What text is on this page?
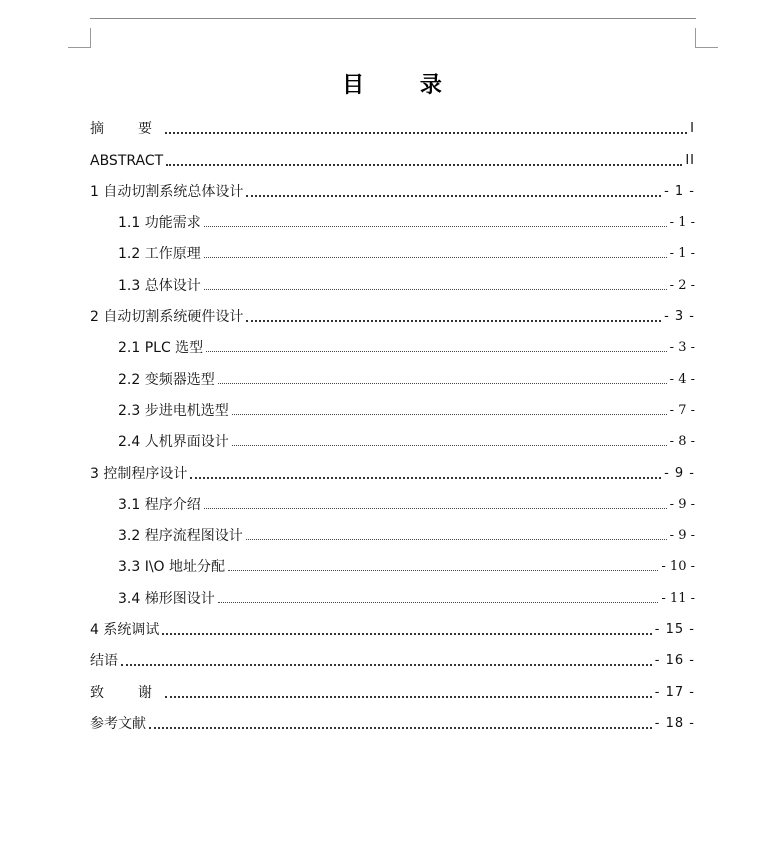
目 录
摘　要	I
ABSTRACT	II
1 自动切割系统总体设计	- 1 -
1.1 功能需求	- 1 -
1.2 工作原理	- 1 -
1.3 总体设计	- 2 -
2 自动切割系统硬件设计	- 3 -
2.1 PLC 选型	- 3 -
2.2 变频器选型	- 4 -
2.3 步进电机选型	- 7 -
2.4 人机界面设计	- 8 -
3 控制程序设计	- 9 -
3.1 程序介绍	- 9 -
3.2 程序流程图设计	- 9 -
3.3 I\O 地址分配	- 10 -
3.4 梯形图设计	- 11 -
4 系统调试	- 15 -
结语	- 16 -
致　谢	- 17 -
参考文献	- 18 -
